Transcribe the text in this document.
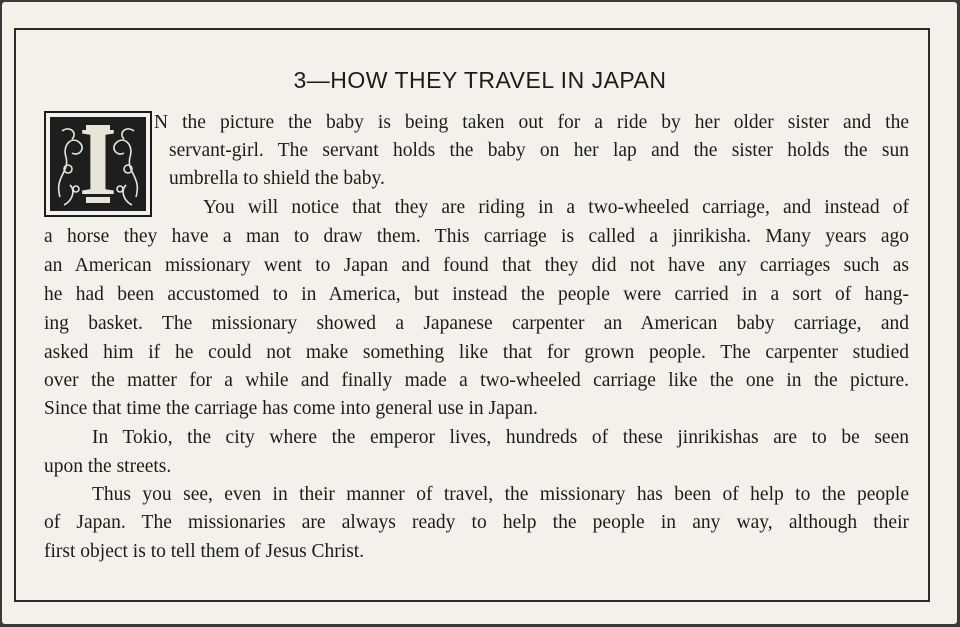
3—HOW THEY TRAVEL IN JAPAN
I	N the picture the baby is being taken out for a ride by her older sister and the
servant-girl. The servant holds the baby on her lap and the sister holds the sun
umbrella to shield the baby.
You will notice that they are riding in a two-wheeled carriage, and instead of
a horse they have a man to draw them. This carriage is called a jinrikisha. Many years ago
an American missionary went to Japan and found that they did not have any carriages such as
he had been accustomed to in America, but instead the people were carried in a sort of hang-
ing basket. The missionary showed a Japanese carpenter an American baby carriage, and
asked him if he could not make something like that for grown people. The carpenter studied
over the matter for a while and finally made a two-wheeled carriage like the one in the picture.
Since that time the carriage has come into general use in Japan.
In Tokio, the city where the emperor lives, hundreds of these jinrikishas are to be seen
upon the streets.
Thus you see, even in their manner of travel, the missionary has been of help to the people
of Japan. The missionaries are always ready to help the people in any way, although their
first object is to tell them of Jesus Christ.
